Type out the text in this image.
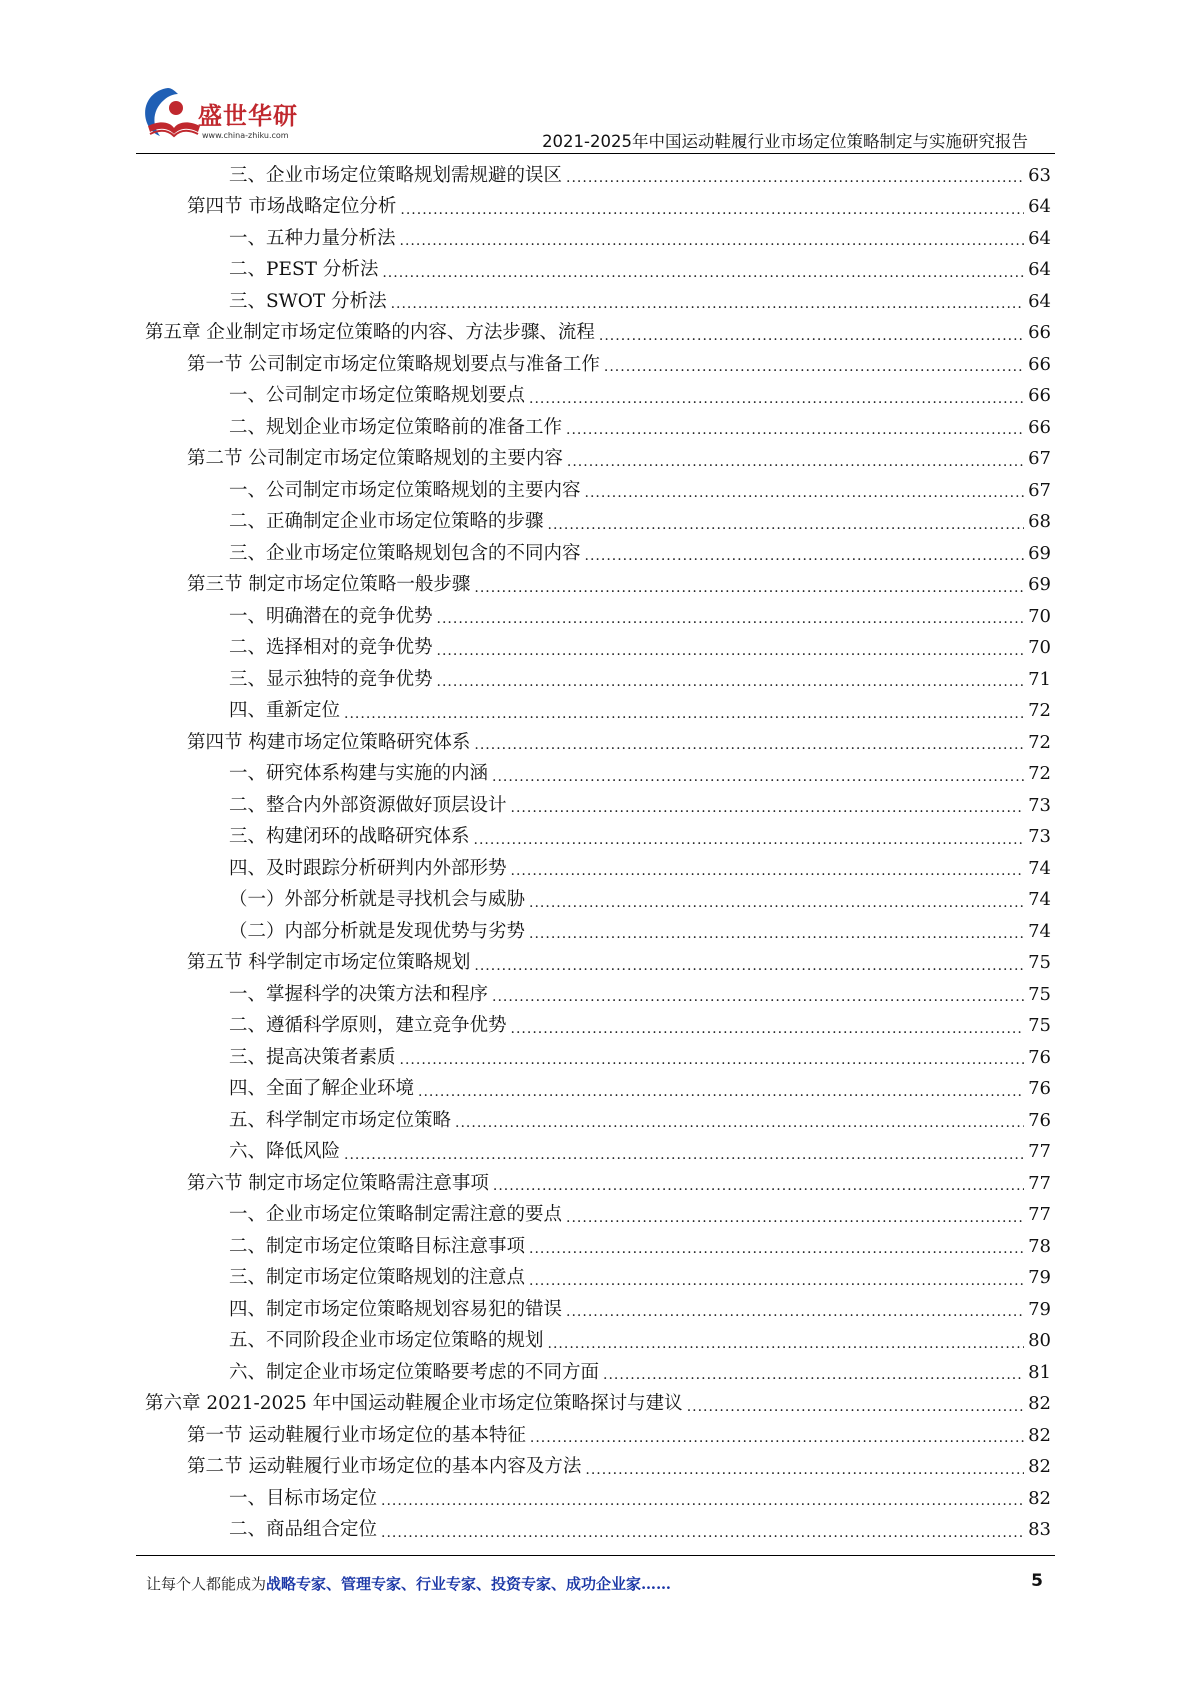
盛世华研
www.china-zhiku.com	2021-2025年中国运动鞋履行业市场定位策略制定与实施研究报告
三、企业市场定位策略规划需规避的误区 .....	63
第四节 市场战略定位分析 .....	64
一、五种力量分析法 .....	64
二、PEST 分析法 .....	64
三、SWOT 分析法 .....	64
第五章 企业制定市场定位策略的内容、方法步骤、流程 .....	66
第一节 公司制定市场定位策略规划要点与准备工作 .....	66
一、公司制定市场定位策略规划要点 .....	66
二、规划企业市场定位策略前的准备工作 .....	66
第二节 公司制定市场定位策略规划的主要内容 .....	67
一、公司制定市场定位策略规划的主要内容 .....	67
二、正确制定企业市场定位策略的步骤 .....	68
三、企业市场定位策略规划包含的不同内容 .....	69
第三节 制定市场定位策略一般步骤 .....	69
一、明确潜在的竞争优势 .....	70
二、选择相对的竞争优势 .....	70
三、显示独特的竞争优势 .....	71
四、重新定位 .....	72
第四节 构建市场定位策略研究体系 .....	72
一、研究体系构建与实施的内涵 .....	72
二、整合内外部资源做好顶层设计 .....	73
三、构建闭环的战略研究体系 .....	73
四、及时跟踪分析研判内外部形势 .....	74
（一）外部分析就是寻找机会与威胁 .....	74
（二）内部分析就是发现优势与劣势 .....	74
第五节 科学制定市场定位策略规划 .....	75
一、掌握科学的决策方法和程序 .....	75
二、遵循科学原则，建立竞争优势 .....	75
三、提高决策者素质 .....	76
四、全面了解企业环境 .....	76
五、科学制定市场定位策略 .....	76
六、降低风险 .....	77
第六节 制定市场定位策略需注意事项 .....	77
一、企业市场定位策略制定需注意的要点 .....	77
二、制定市场定位策略目标注意事项 .....	78
三、制定市场定位策略规划的注意点 .....	79
四、制定市场定位策略规划容易犯的错误 .....	79
五、不同阶段企业市场定位策略的规划 .....	80
六、制定企业市场定位策略要考虑的不同方面 .....	81
第六章 2021-2025 年中国运动鞋履企业市场定位策略探讨与建议 .....	82
第一节 运动鞋履行业市场定位的基本特征 .....	82
第二节 运动鞋履行业市场定位的基本内容及方法 .....	82
一、目标市场定位 .....	82
二、商品组合定位 .....	83
让每个人都能成为战略专家、管理专家、行业专家、投资专家、成功企业家……	5
